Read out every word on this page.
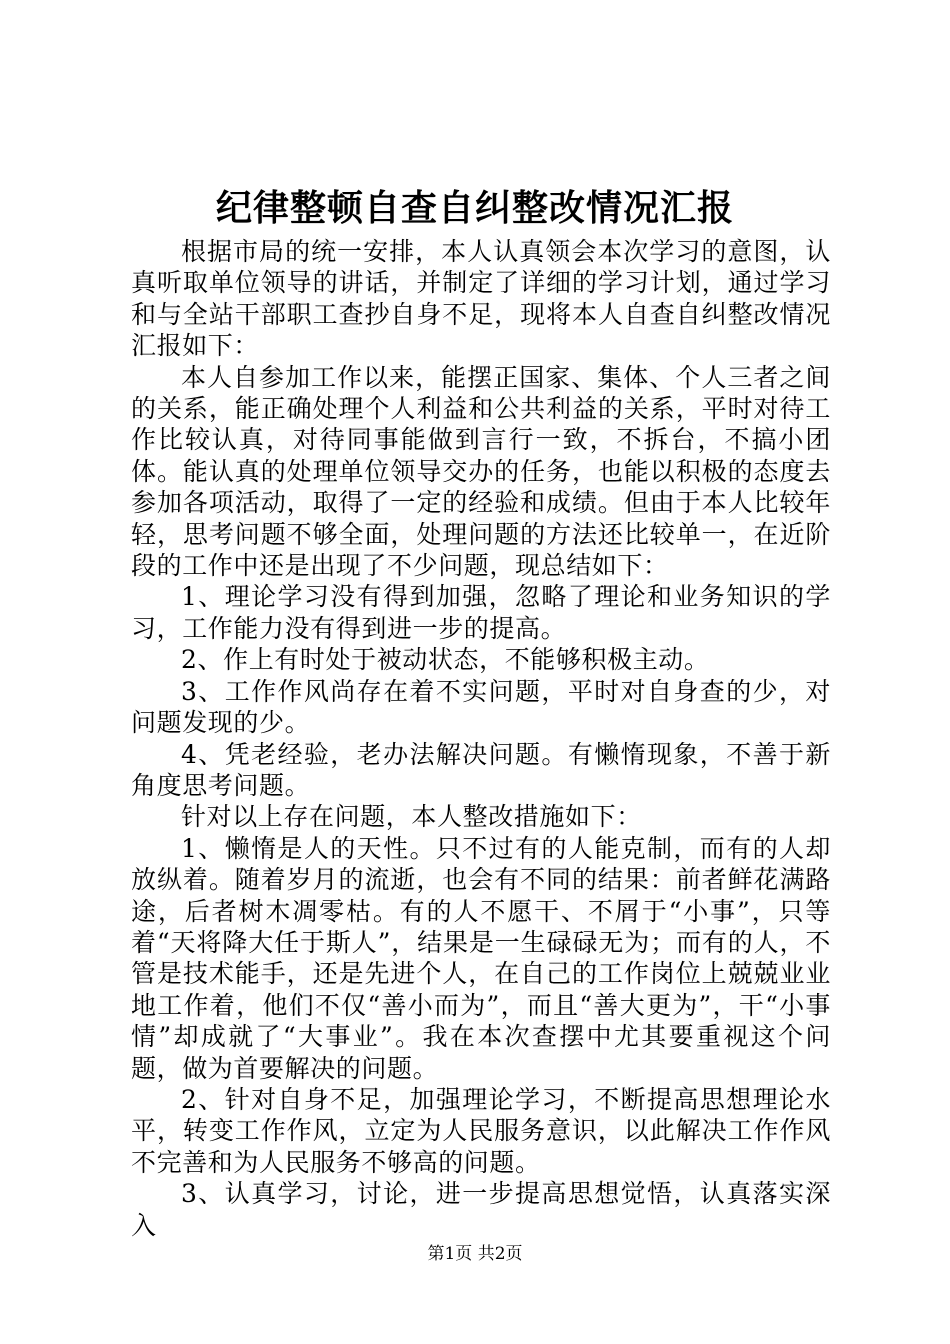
纪律整顿自查自纠整改情况汇报

根据市局的统一安排，本人认真领会本次学习的意图，认真听取单位领导的讲话，并制定了详细的学习计划，通过学习和与全站干部职工查抄自身不足，现将本人自查自纠整改情况汇报如下：

本人自参加工作以来，能摆正国家、集体、个人三者之间的关系，能正确处理个人利益和公共利益的关系，平时对待工作比较认真，对待同事能做到言行一致，不拆台，不搞小团体。能认真的处理单位领导交办的任务，也能以积极的态度去参加各项活动，取得了一定的经验和成绩。但由于本人比较年轻，思考问题不够全面，处理问题的方法还比较单一，在近阶段的工作中还是出现了不少问题，现总结如下：

1、理论学习没有得到加强，忽略了理论和业务知识的学习，工作能力没有得到进一步的提高。

2、作上有时处于被动状态，不能够积极主动。

3、工作作风尚存在着不实问题，平时对自身查的少，对问题发现的少。

4、凭老经验，老办法解决问题。有懒惰现象，不善于新角度思考问题。

针对以上存在问题，本人整改措施如下：

1、懒惰是人的天性。只不过有的人能克制，而有的人却放纵着。随着岁月的流逝，也会有不同的结果：前者鲜花满路途，后者树木凋零枯。有的人不愿干、不屑于“小事”，只等着“天将降大任于斯人”，结果是一生碌碌无为；而有的人，不管是技术能手，还是先进个人，在自己的工作岗位上兢兢业业地工作着，他们不仅“善小而为”，而且“善大更为”，干“小事情”却成就了“大事业”。我在本次查摆中尤其要重视这个问题，做为首要解决的问题。

2、针对自身不足，加强理论学习，不断提高思想理论水平，转变工作作风，立定为人民服务意识，以此解决工作作风不完善和为人民服务不够高的问题。

3、认真学习，讨论，进一步提高思想觉悟，认真落实深入

第1页 共2页
